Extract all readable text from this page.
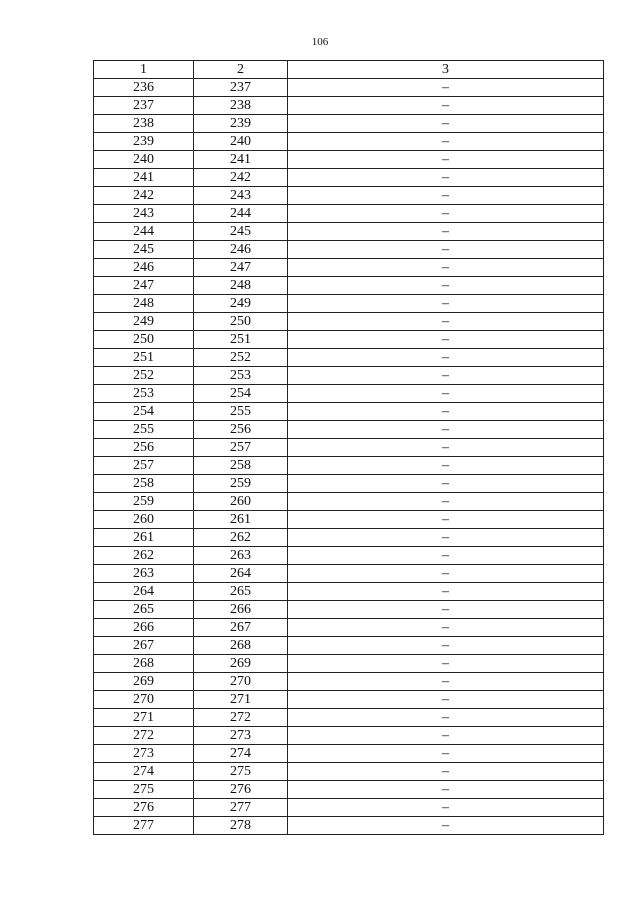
106
1	2	3
236	237	–
237	238	–
238	239	–
239	240	–
240	241	–
241	242	–
242	243	–
243	244	–
244	245	–
245	246	–
246	247	–
247	248	–
248	249	–
249	250	–
250	251	–
251	252	–
252	253	–
253	254	–
254	255	–
255	256	–
256	257	–
257	258	–
258	259	–
259	260	–
260	261	–
261	262	–
262	263	–
263	264	–
264	265	–
265	266	–
266	267	–
267	268	–
268	269	–
269	270	–
270	271	–
271	272	–
272	273	–
273	274	–
274	275	–
275	276	–
276	277	–
277	278	–
